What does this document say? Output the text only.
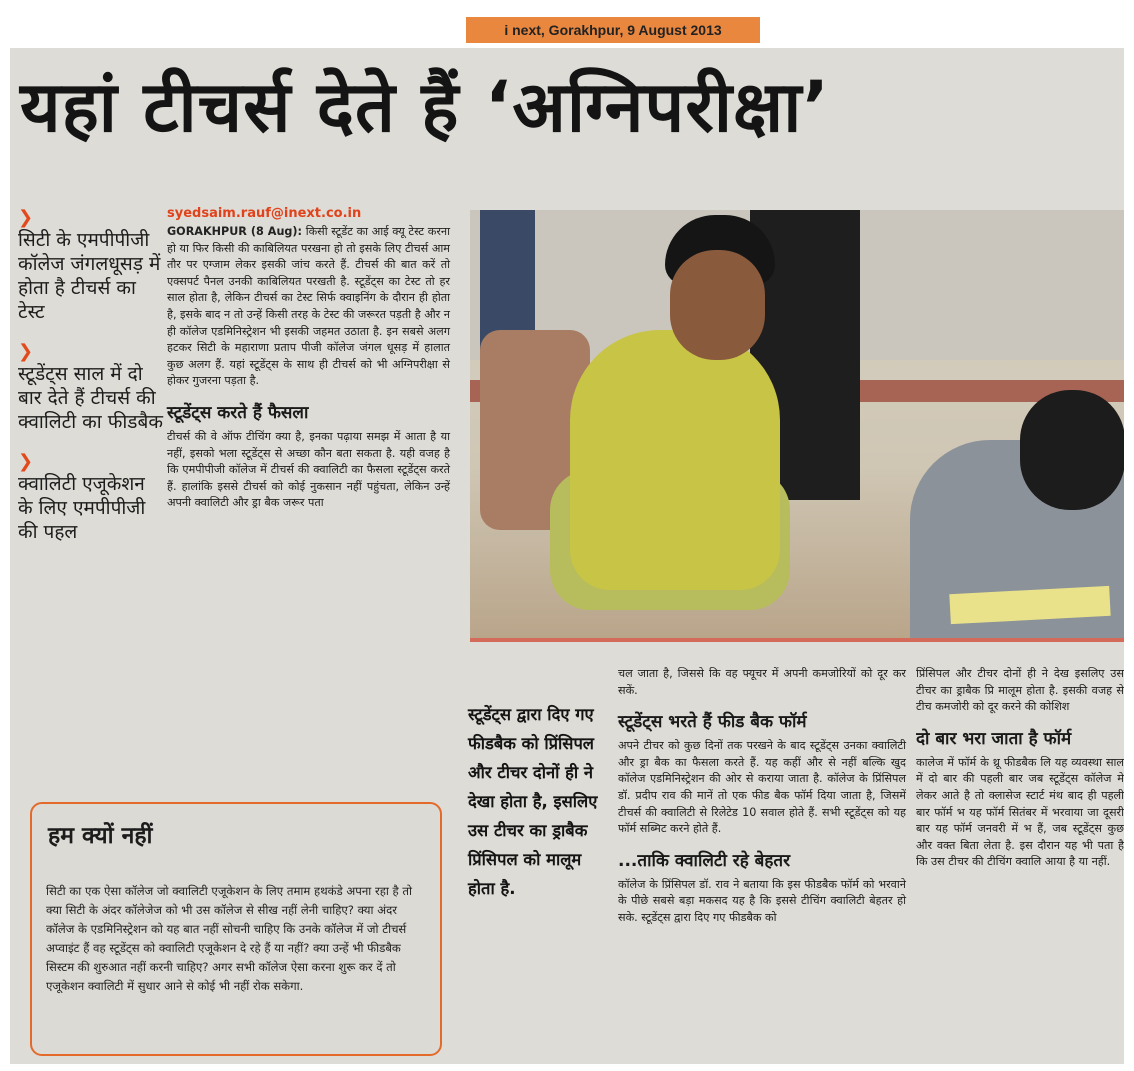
i next, Gorakhpur, 9 August 2013
यहां टीचर्स देते हैं ‘अग्निपरीक्षा’
❯
सिटी के एमपीपीजी कॉलेज जंगलधूसड़ में होता है टीचर्स का टेस्ट
❯
स्टूडेंट्स साल में दो बार देते हैं टीचर्स की क्वालिटी का फीडबैक
❯
क्वालिटी एजूकेशन के लिए एमपीपीजी की पहल
syedsaim.rauf@inext.co.in
GORAKHPUR (8 Aug): किसी स्टूडेंट का आई क्यू टेस्ट करना हो या फिर किसी की काबिलियत परखना हो तो इसके लिए टीचर्स आम तौर पर एग्जाम लेकर इसकी जांच करते हैं. टीचर्स की बात करें तो एक्सपर्ट पैनल उनकी काबिलियत परखती है. स्टूडेंट्स का टेस्ट तो हर साल होता है, लेकिन टीचर्स का टेस्ट सिर्फ क्वाइनिंग के दौरान ही होता है, इसके बाद न तो उन्हें किसी तरह के टेस्ट की जरूरत पड़ती है और न ही कॉलेज एडमिनिस्ट्रेशन भी इसकी जहमत उठाता है. इन सबसे अलग हटकर सिटी के महाराणा प्रताप पीजी कॉलेज जंगल धूसड़ में हालात कुछ अलग हैं. यहां स्टूडेंट्स के साथ ही टीचर्स को भी अग्निपरीक्षा से होकर गुजरना पड़ता है.
स्टूडेंट्स करते हैं फैसला
टीचर्स की वे ऑफ टीचिंग क्या है, इनका पढ़ाया समझ में आता है या नहीं, इसको भला स्टूडेंट्स से अच्छा कौन बता सकता है. यही वजह है कि एमपीपीजी कॉलेज में टीचर्स की क्वालिटी का फैसला स्टूडेंट्स करते हैं. हालांकि इससे टीचर्स को कोई नुकसान नहीं पहुंचता, लेकिन उन्हें अपनी क्वालिटी और ड्रा बैक जरूर पता
स्टूडेंट्स द्वारा दिए गए फीडबैक को प्रिंसिपल और टीचर दोनों ही ने देखा होता है, इसलिए उस टीचर का ड्राबैक प्रिंसिपल को मालूम होता है.
चल जाता है, जिससे कि वह फ्यूचर में अपनी कमजोरियों को दूर कर सकें.
स्टूडेंट्स भरते हैं फीड बैक फॉर्म
अपने टीचर को कुछ दिनों तक परखने के बाद स्टूडेंट्स उनका क्वालिटी और ड्रा बैक का फैसला करते हैं. यह कहीं और से नहीं बल्कि खुद कॉलेज एडमिनिस्ट्रेशन की ओर से कराया जाता है. कॉलेज के प्रिंसिपल डॉ. प्रदीप राव की मानें तो एक फीड बैक फॉर्म दिया जाता है, जिसमें टीचर्स की क्वालिटी से रिलेटेड 10 सवाल होते हैं. सभी स्टूडेंट्स को यह फॉर्म सब्मिट करने होते हैं.
...ताकि क्वालिटी रहे बेहतर
कॉलेज के प्रिंसिपल डॉ. राव ने बताया कि इस फीडबैक फॉर्म को भरवाने के पीछे सबसे बड़ा मकसद यह है कि इससे टीचिंग क्वालिटी बेहतर हो सके. स्टूडेंट्स द्वारा दिए गए फीडबैक को
प्रिंसिपल और टीचर दोनों ही ने देख इसलिए उस टीचर का ड्राबैक प्रि मालूम होता है. इसकी वजह से टीच कमजोरी को दूर करने की कोशिश
दो बार भरा जाता है फॉर्म
कालेज में फॉर्म के थ्रू फीडबैक लि यह व्यवस्था साल में दो बार की पहली बार जब स्टूडेंट्स कॉलेज मे लेकर आते है तो क्लासेज स्टार्ट मंथ बाद ही पहली बार फॉर्म भ यह फॉर्म सितंबर में भरवाया जा दूसरी बार यह फॉर्म जनवरी में भ हैं, जब स्टूडेंट्स कुछ और वक्त बिता लेता है. इस दौरान यह भी पता है कि उस टीचर की टीचिंग क्वालि आया है या नहीं.
हम क्यों नहीं
सिटी का एक ऐसा कॉलेज जो क्वालिटी एजूकेशन के लिए तमाम हथकंडे अपना रहा है तो क्या सिटी के अंदर कॉलेजेज को भी उस कॉलेज से सीख नहीं लेनी चाहिए? क्या अंदर कॉलेज के एडमिनिस्ट्रेशन को यह बात नहीं सोचनी चाहिए कि उनके कॉलेज में जो टीचर्स अप्वाइंट हैं वह स्टूडेंट्स को क्वालिटी एजूकेशन दे रहे हैं या नहीं? क्या उन्हें भी फीडबैक सिस्टम की शुरुआत नहीं करनी चाहिए? अगर सभी कॉलेज ऐसा करना शुरू कर दें तो एजूकेशन क्वालिटी में सुधार आने से कोई भी नहीं रोक सकेगा.
